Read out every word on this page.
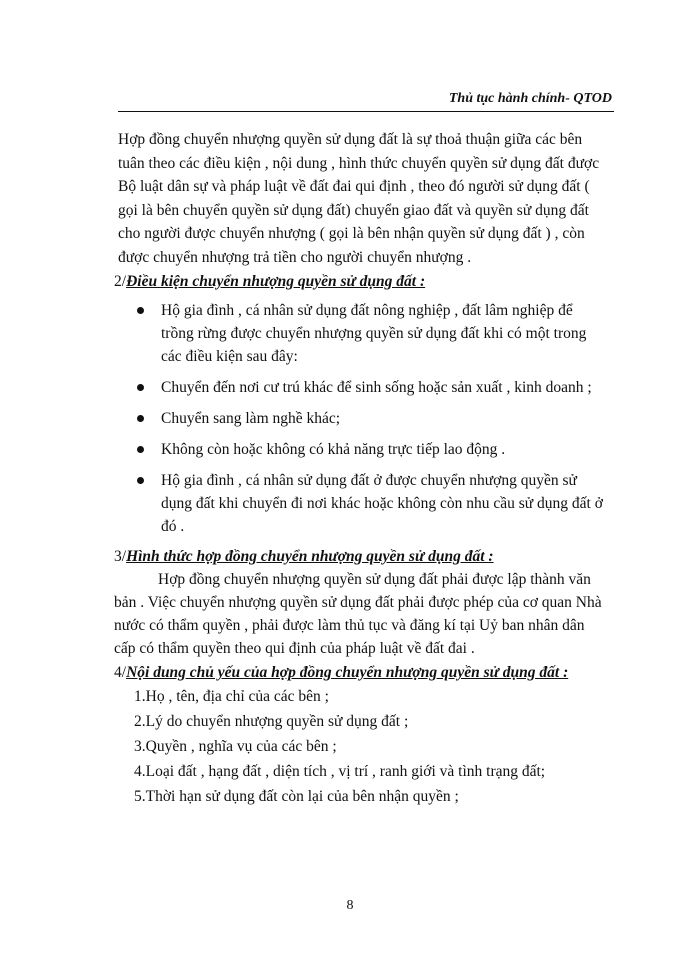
Thủ tục hành chính- QTOD

Hợp đồng chuyển nhượng quyền sử dụng đất là sự thoả thuận giữa các bên tuân theo các điều kiện , nội dung , hình thức chuyển quyền sử dụng đất được Bộ luật dân sự và pháp luật về đất đai qui định , theo đó người sử dụng đất ( gọi là bên chuyển quyền sử dụng đất) chuyển giao đất và quyền sử dụng đất cho người được chuyển nhượng ( gọi là bên nhận quyền sử dụng đất ) , còn được chuyển nhượng trả tiền cho người chuyển nhượng .

2/Điều kiện chuyển nhượng quyền sử dụng đất :
Hộ gia đình , cá nhân sử dụng đất nông nghiệp , đất lâm nghiệp để trồng rừng được chuyển nhượng quyền sử dụng đất khi có một trong các điều kiện sau đây:
Chuyển đến nơi cư trú khác để sinh sống hoặc sản xuất , kinh doanh ;
Chuyển sang làm nghề khác;
Không còn hoặc không có khả năng trực tiếp lao động .
Hộ gia đình , cá nhân sử dụng đất ở được chuyển nhượng quyền sử dụng đất khi chuyển đi nơi khác hoặc không còn nhu cầu sử dụng đất ở đó .
3/Hình thức hợp đồng chuyển nhượng quyền sử dụng đất :

Hợp đồng chuyển nhượng quyền sử dụng đất phải được lập thành văn bản . Việc chuyển nhượng quyền sử dụng đất phải được phép của cơ quan Nhà nước có thẩm quyền , phải được làm thủ tục và đăng kí tại Uỷ ban nhân dân cấp có thẩm quyền theo qui định của pháp luật về đất đai .

4/Nội dung chủ yếu của hợp đồng chuyển nhượng quyền sử dụng đất :
1.Họ , tên, địa chỉ của các bên ;
2.Lý do chuyển nhượng quyền sử dụng đất ;
3.Quyền , nghĩa vụ của các bên ;
4.Loại đất , hạng đất , diện tích , vị trí , ranh giới và tình trạng đất;
5.Thời hạn sử dụng đất còn lại của bên nhận quyền ;
8
